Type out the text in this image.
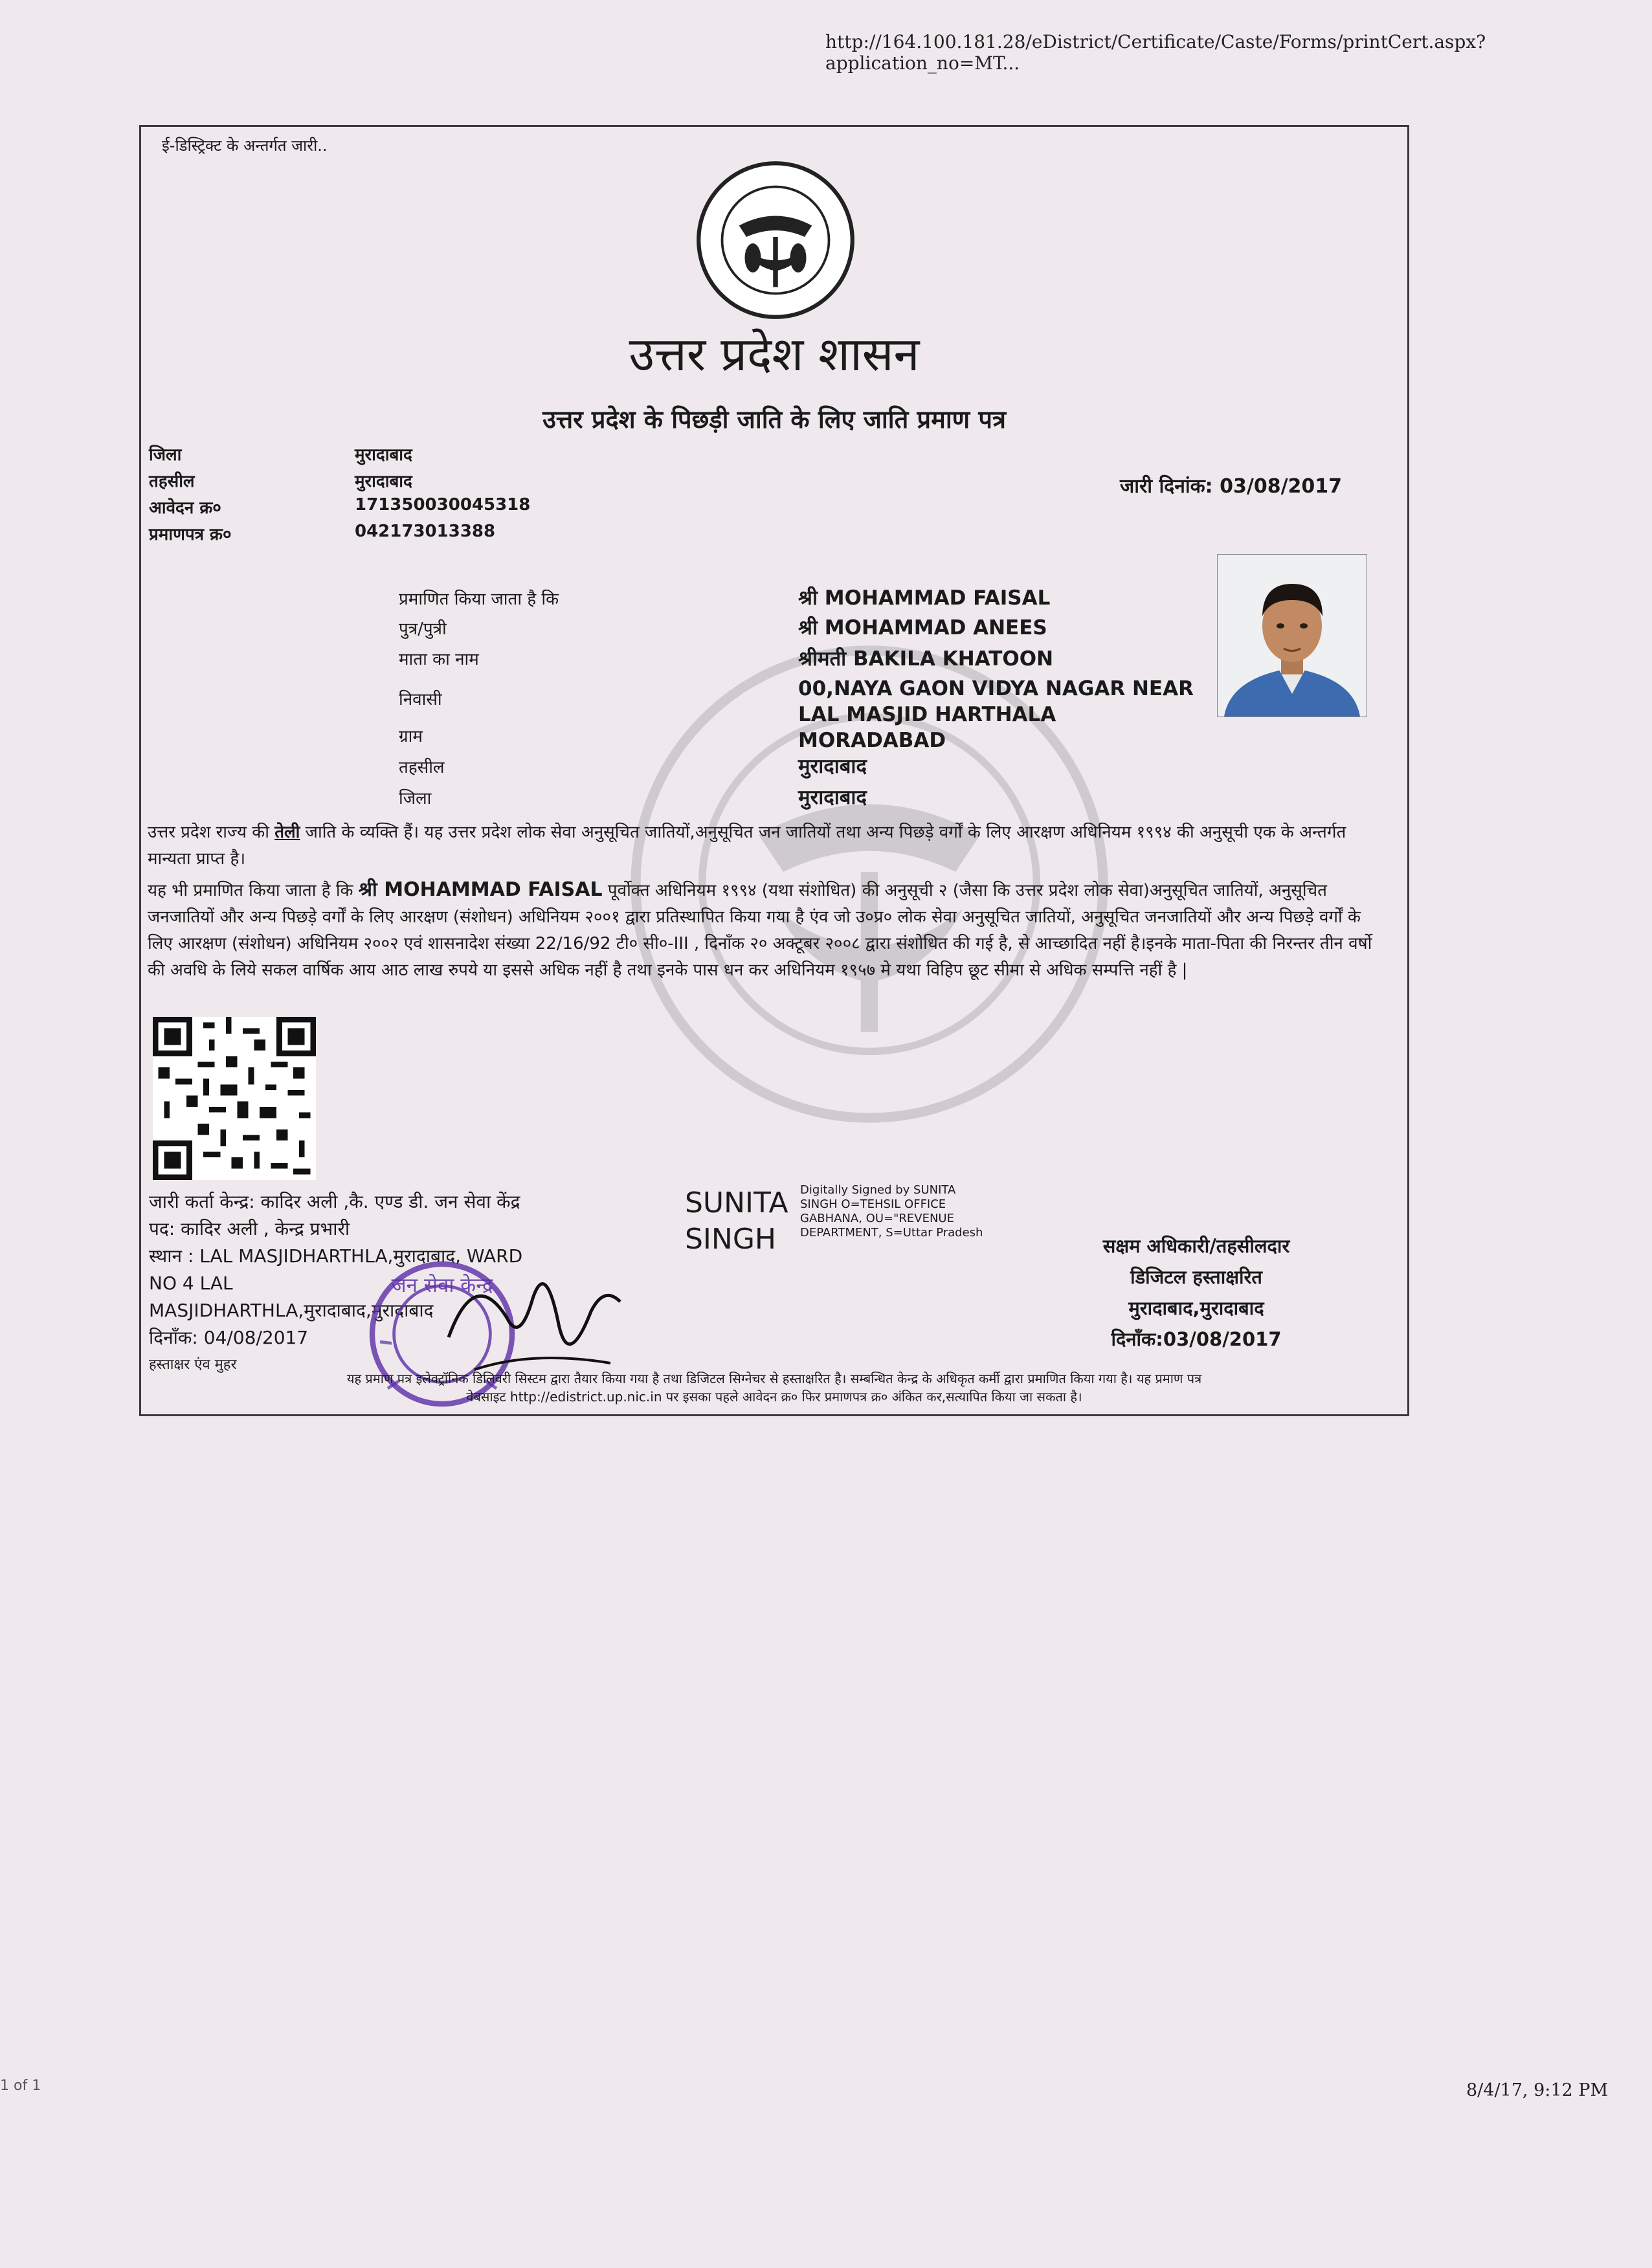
http://164.100.181.28/eDistrict/Certificate/Caste/Forms/printCert.aspx?application_no=MT...
ई-डिस्ट्रिक्ट के अन्तर्गत जारी..
उत्तर प्रदेश शासन
उत्तर प्रदेश के पिछड़ी जाति के लिए जाति प्रमाण पत्र
जिला	मुरादाबाद
तहसील	मुरादाबाद
आवेदन क्र०	171350030045318
प्रमाणपत्र क्र०	042173013388
जारी दिनांक: 03/08/2017
प्रमाणित किया जाता है कि	श्री MOHAMMAD FAISAL
पुत्र/पुत्री	श्री MOHAMMAD ANEES
माता का नाम	श्रीमती BAKILA KHATOON
निवासी	00,NAYA GAON VIDYA NAGAR NEAR LAL MASJID HARTHALA MORADABAD
ग्राम
तहसील	मुरादाबाद
जिला	मुरादाबाद
उत्तर प्रदेश राज्य की तेली जाति के व्यक्ति हैं। यह उत्तर प्रदेश लोक सेवा अनुसूचित जातियों,अनुसूचित जन जातियों तथा अन्य पिछड़े वर्गों के लिए आरक्षण अधिनियम १९९४ की अनुसूची एक के अन्तर्गत मान्यता प्राप्त है।
यह भी प्रमाणित किया जाता है कि श्री MOHAMMAD FAISAL पूर्वोक्त अधिनियम १९९४ (यथा संशोधित) की अनुसूची २ (जैसा कि उत्तर प्रदेश लोक सेवा)अनुसूचित जातियों, अनुसूचित जनजातियों और अन्य पिछड़े वर्गों के लिए आरक्षण (संशोधन) अधिनियम २००१ द्वारा प्रतिस्थापित किया गया है एंव जो उ०प्र० लोक सेवा अनुसूचित जातियों, अनुसूचित जनजातियों और अन्य पिछड़े वर्गों के लिए आरक्षण (संशोधन) अधिनियम २००२ एवं शासनादेश संख्या 22/16/92 टी० सी०-III , दिनाँक २० अक्टूबर २००८ द्वारा संशोधित की गई है, से आच्छादित नहीं है।इनके माता-पिता की निरन्तर तीन वर्षो की अवधि के लिये सकल वार्षिक आय आठ लाख रुपये या इससे अधिक नहीं है तथा इनके पास धन कर अधिनियम १९५७ मे यथा विहिप छूट सीमा से अधिक सम्पत्ति नहीं है |
जारी कर्ता केन्द्र: कादिर अली ,कै. एण्ड डी. जन सेवा केंद्र
पद: कादिर अली , केन्द्र प्रभारी
स्थान : LAL MASJIDHARTHLA,मुरादाबाद, WARD
NO 4 LAL
MASJIDHARTHLA,मुरादाबाद,मुरादाबाद
दिनाँक: 04/08/2017
हस्ताक्षर एंव मुहर
जन सेवा केन्द्र
SUNITA
SINGH
Digitally Signed by SUNITA SINGH O=TEHSIL OFFICE GABHANA, OU="REVENUE DEPARTMENT, S=Uttar Pradesh
सक्षम अधिकारी/तहसीलदार
डिजिटल हस्ताक्षरित
मुरादाबाद,मुरादाबाद
दिनाँक:03/08/2017
यह प्रमाण पत्र इलेक्ट्रॉनिक डिलिवरी सिस्टम द्वारा तैयार किया गया है तथा डिजिटल सिग्नेचर से हस्ताक्षरित है। सम्बन्धित केन्द्र के अधिकृत कर्मी द्वारा प्रमाणित किया गया है। यह प्रमाण पत्र
वेबसाइट http://edistrict.up.nic.in पर इसका पहले आवेदन क्र० फिर प्रमाणपत्र क्र० अंकित कर,सत्यापित किया जा सकता है।
1 of 1	8/4/17, 9:12 PM
